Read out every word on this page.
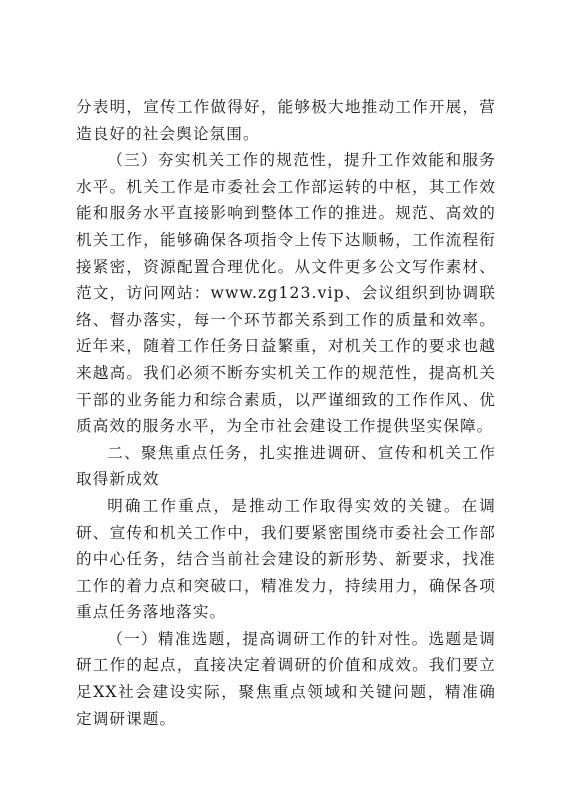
分表明，宣传工作做得好，能够极大地推动工作开展，营造良好的社会舆论氛围。

（三）夯实机关工作的规范性，提升工作效能和服务水平。机关工作是市委社会工作部运转的中枢，其工作效能和服务水平直接影响到整体工作的推进。规范、高效的机关工作，能够确保各项指令上传下达顺畅，工作流程衔接紧密，资源配置合理优化。从文件更多公文写作素材、范文，访问网站：www.zg123.vip、会议组织到协调联络、督办落实，每一个环节都关系到工作的质量和效率。近年来，随着工作任务日益繁重，对机关工作的要求也越来越高。我们必须不断夯实机关工作的规范性，提高机关干部的业务能力和综合素质，以严谨细致的工作作风、优质高效的服务水平，为全市社会建设工作提供坚实保障。

二、聚焦重点任务，扎实推进调研、宣传和机关工作取得新成效

明确工作重点，是推动工作取得实效的关键。在调研、宣传和机关工作中，我们要紧密围绕市委社会工作部的中心任务，结合当前社会建设的新形势、新要求，找准工作的着力点和突破口，精准发力，持续用力，确保各项重点任务落地落实。

（一）精准选题，提高调研工作的针对性。选题是调研工作的起点，直接决定着调研的价值和成效。我们要立足XX社会建设实际，聚焦重点领域和关键问题，精准确定调研课题。
